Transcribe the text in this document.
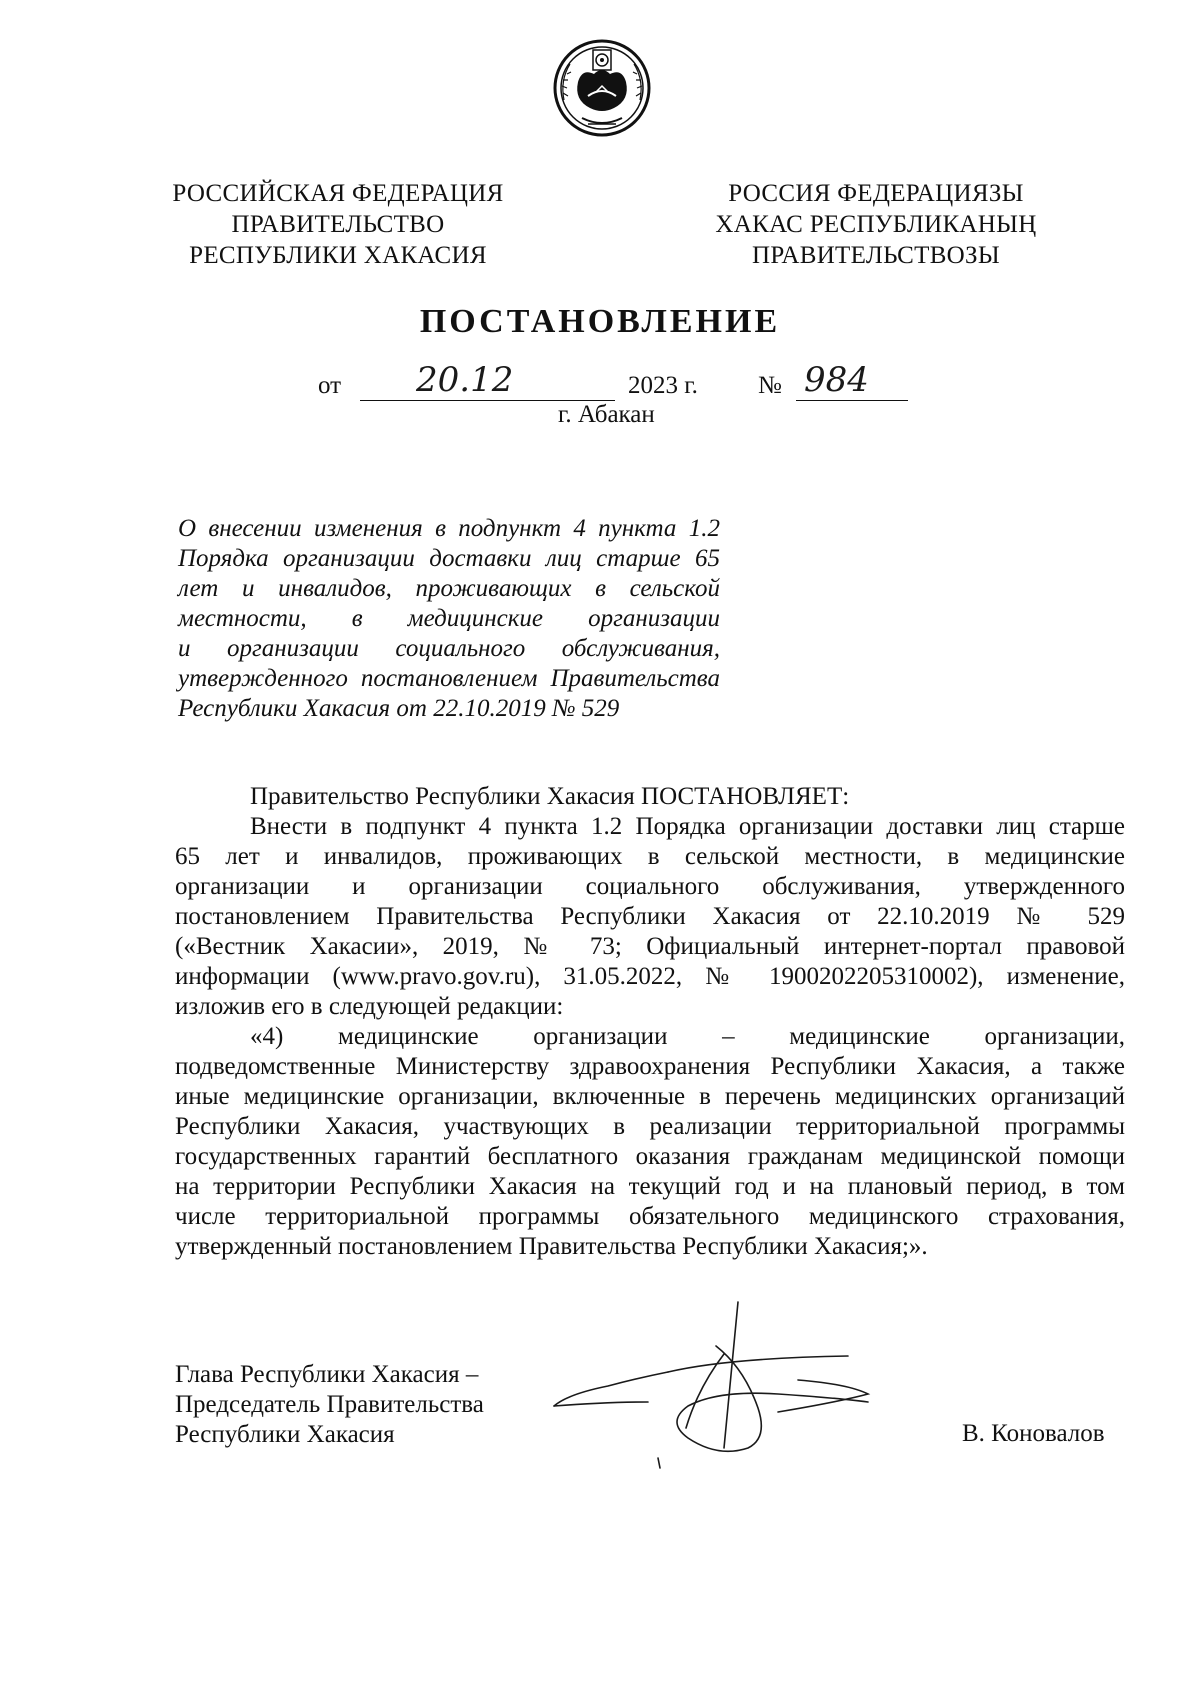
РОССИЙСКАЯ ФЕДЕРАЦИЯ
ПРАВИТЕЛЬСТВО
РЕСПУБЛИКИ ХАКАСИЯ
РОССИЯ ФЕДЕРАЦИЯЗЫ
ХАКАС РЕСПУБЛИКАНЫҢ
ПРАВИТЕЛЬСТВОЗЫ
ПОСТАНОВЛЕНИЕ
от 20.12	2023 г. № 984
г. Абакан
О внесении изменения в подпункт 4 пункта 1.2
Порядка организации доставки лиц старше 65
лет и инвалидов, проживающих в сельской
местности, в медицинские организации
и организации социального обслуживания,
утвержденного постановлением Правительства
Республики Хакасия от 22.10.2019 № 529

Правительство Республики Хакасия ПОСТАНОВЛЯЕТ:

Внести в подпункт 4 пункта 1.2 Порядка организации доставки лиц старше
65 лет и инвалидов, проживающих в сельской местности, в медицинские
организации и организации социального обслуживания, утвержденного
постановлением Правительства Республики Хакасия от 22.10.2019 № 529
(«Вестник Хакасии», 2019, № 73; Официальный интернет-портал правовой
информации (www.pravo.gov.ru), 31.05.2022, № 1900202205310002), изменение,
изложив его в следующей редакции:
«4) медицинские организации – медицинские организации,
подведомственные Министерству здравоохранения Республики Хакасия, а также
иные медицинские организации, включенные в перечень медицинских организаций
Республики Хакасия, участвующих в реализации территориальной программы
государственных гарантий бесплатного оказания гражданам медицинской помощи
на территории Республики Хакасия на текущий год и на плановый период, в том
числе территориальной программы обязательного медицинского страхования,
утвержденный постановлением Правительства Республики Хакасия;».
Глава Республики Хакасия –
Председатель Правительства
Республики Хакасия	В. Коновалов
